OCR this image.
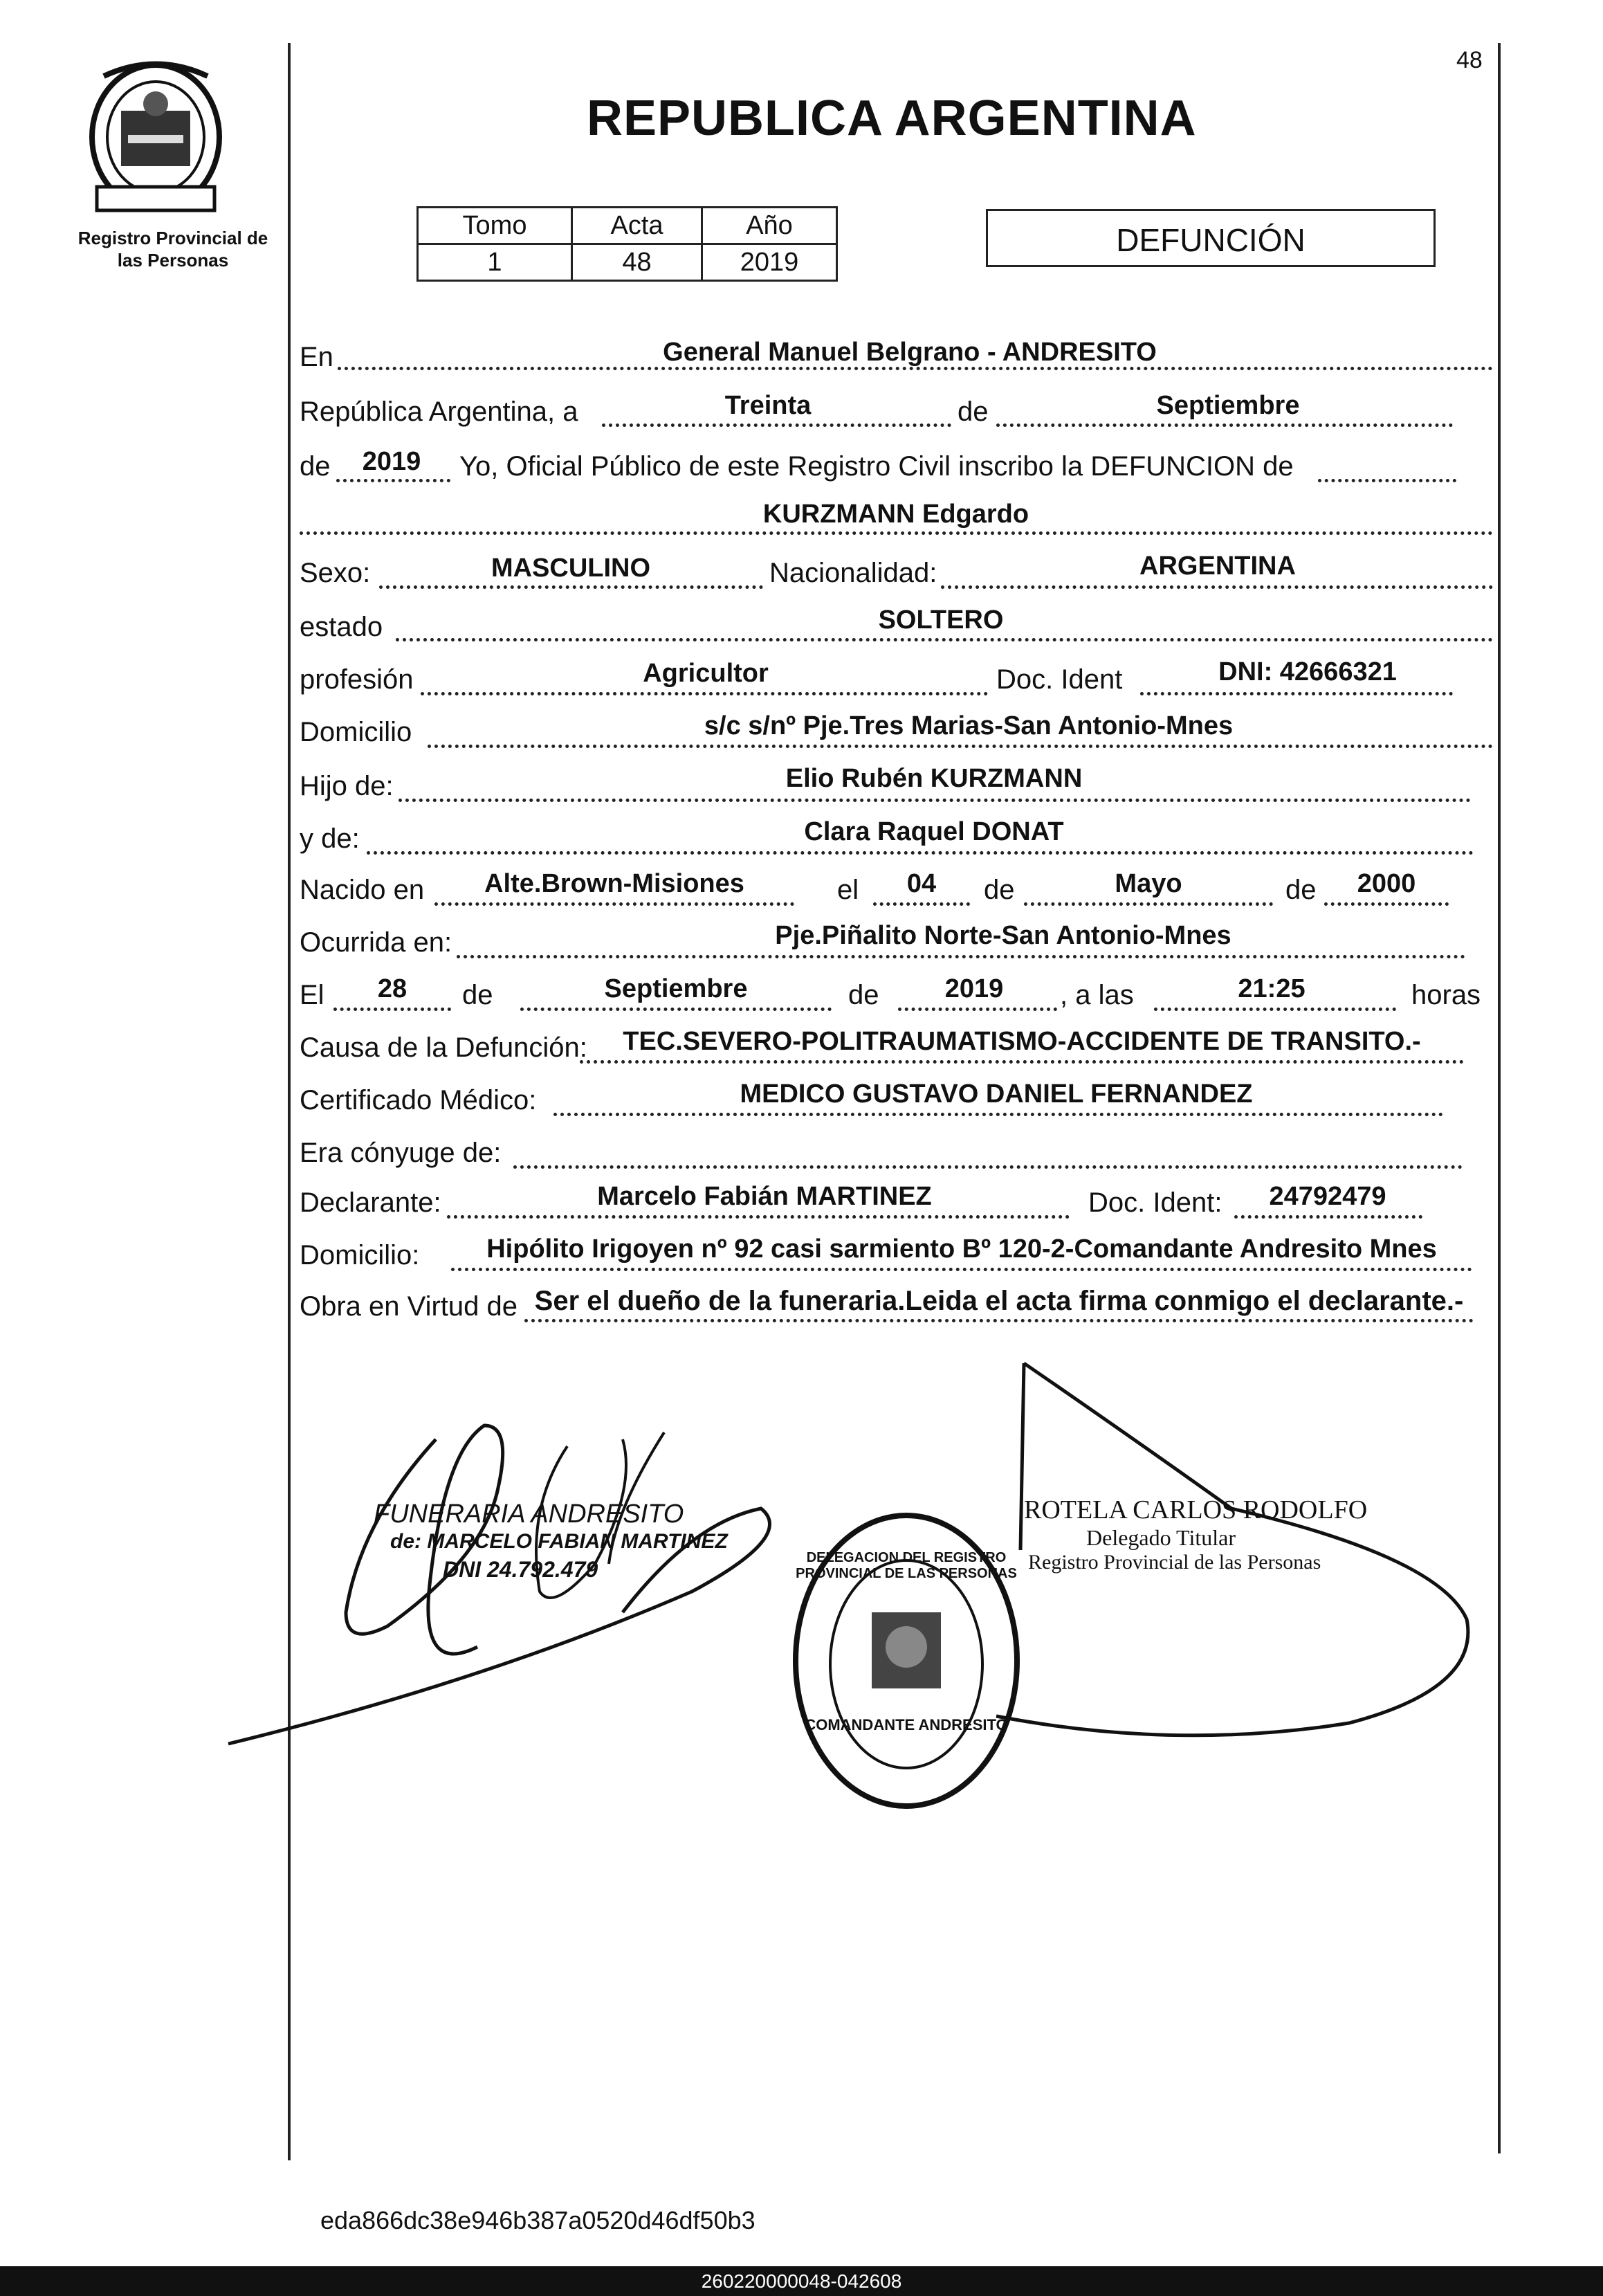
48
REPUBLICA ARGENTINA
Registro Provincial de
las Personas
Tomo	Acta	Año
1	48	2019
DEFUNCIÓN
En	General Manuel Belgrano - ANDRESITO
República Argentina, a	Treinta	de	Septiembre
de	2019	Yo, Oficial Público de este Registro Civil inscribo la DEFUNCION de
KURZMANN Edgardo
Sexo:	MASCULINO	Nacionalidad:	ARGENTINA
estado	SOLTERO
profesión	Agricultor	Doc. Ident	DNI: 42666321
Domicilio	s/c s/nº Pje.Tres Marias-San Antonio-Mnes
Hijo de:	Elio Rubén KURZMANN
y de:	Clara Raquel DONAT
Nacido en	Alte.Brown-Misiones	el	04	de	Mayo	de	2000
Ocurrida en:	Pje.Piñalito Norte-San Antonio-Mnes
El	28	de	Septiembre	de	2019	, a las	21:25	horas
Causa de la Defunción:	TEC.SEVERO-POLITRAUMATISMO-ACCIDENTE DE TRANSITO.-
Certificado Médico:	MEDICO GUSTAVO DANIEL FERNANDEZ
Era cónyuge de:
Declarante:	Marcelo Fabián MARTINEZ	Doc. Ident:	24792479
Domicilio:	Hipólito Irigoyen nº 92 casi sarmiento Bº 120-2-Comandante Andresito Mnes
Obra en Virtud de Ser el dueño de la funeraria.Leida el acta firma conmigo el declarante.-
FUNERARIA ANDRESITO
de: MARCELO FABIAN MARTINEZ
DNI 24.792.479	DELEGACION DEL REGISTRO PROVINCIAL DE LAS PERSONAS
COMANDANTE ANDRESITO
ROTELA CARLOS RODOLFO
Delegado Titular
Registro Provincial de las Personas
eda866dc38e946b387a0520d46df50b3
260220000048-042608
